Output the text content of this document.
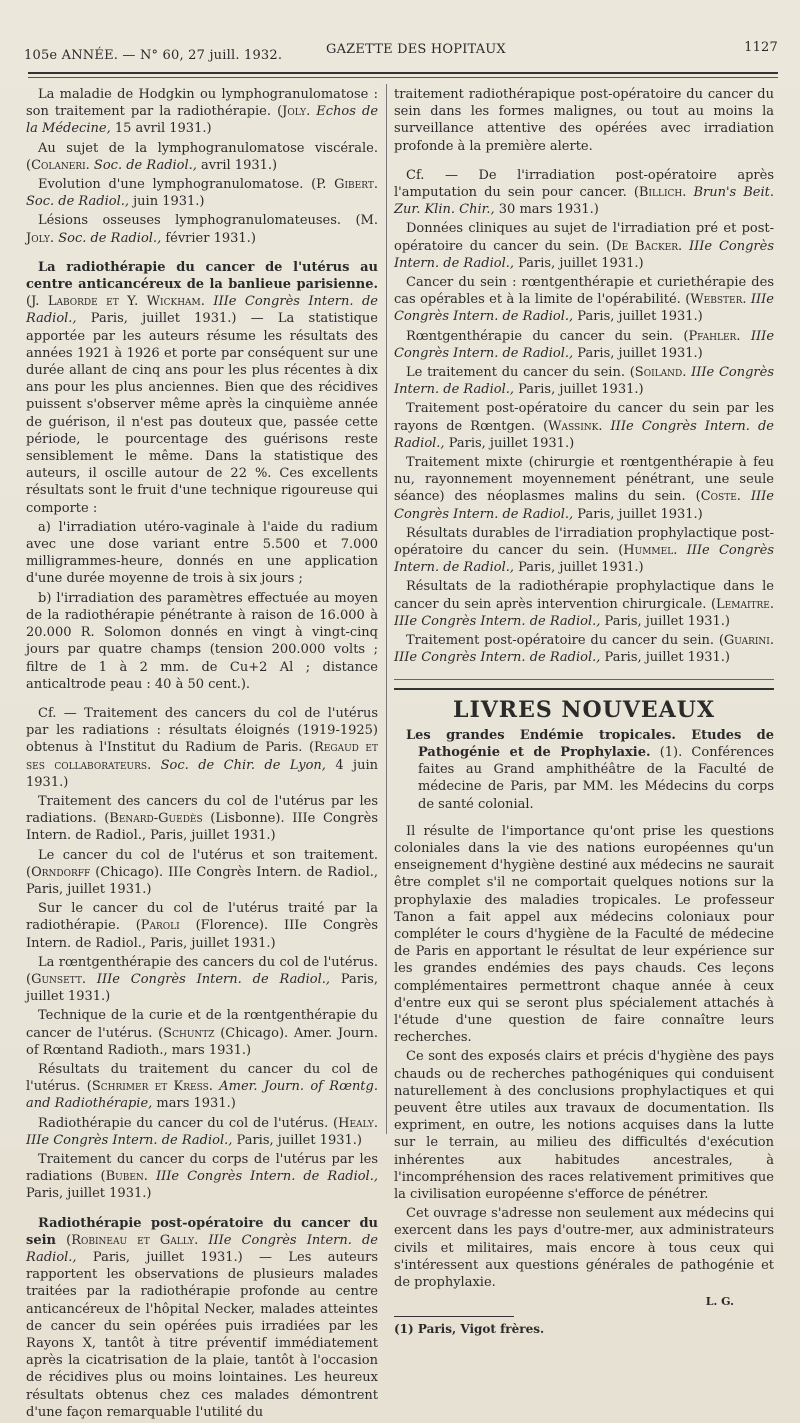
105e ANNÉE. — N° 60, 27 juill. 1932.	GAZETTE DES HOPITAUX	1127

La maladie de Hodgkin ou lymphogranulomatose : son traitement par la radiothérapie. (Joly. Echos de la Médecine, 15 avril 1931.)

Au sujet de la lymphogranulomatose viscérale. (Colaneri. Soc. de Radiol., avril 1931.)

Evolution d'une lymphogranulomatose. (P. Gibert. Soc. de Radiol., juin 1931.)

Lésions osseuses lymphogranulomateuses. (M. Joly. Soc. de Radiol., février 1931.)

La radiothérapie du cancer de l'utérus au centre anticancéreux de la banlieue parisienne. (J. Laborde et Y. Wickham. IIIe Congrès Intern. de Radiol., Paris, juillet 1931.) — La statistique apportée par les auteurs résume les résultats des années 1921 à 1926 et porte par conséquent sur une durée allant de cinq ans pour les plus récentes à dix ans pour les plus anciennes. Bien que des récidives puissent s'observer même après la cinquième année de guérison, il n'est pas douteux que, passée cette période, le pourcentage des guérisons reste sensiblement le même. Dans la statistique des auteurs, il oscille autour de 22 %. Ces excellents résultats sont le fruit d'une technique rigoureuse qui comporte :

a) l'irradiation utéro-vaginale à l'aide du radium avec une dose variant entre 5.500 et 7.000 milligrammes-heure, donnés en une application d'une durée moyenne de trois à six jours ;

b) l'irradiation des paramètres effectuée au moyen de la radiothérapie pénétrante à raison de 16.000 à 20.000 R. Solomon donnés en vingt à vingt-cinq jours par quatre champs (tension 200.000 volts ; filtre de 1 à 2 mm. de Cu+2 Al ; distance anticaltrode peau : 40 à 50 cent.).

Cf. — Traitement des cancers du col de l'utérus par les radiations : résultats éloignés (1919-1925) obtenus à l'Institut du Radium de Paris. (Regaud et ses collaborateurs. Soc. de Chir. de Lyon, 4 juin 1931.)

Traitement des cancers du col de l'utérus par les radiations. (Benard-Guedès (Lisbonne). IIIe Congrès Intern. de Radiol., Paris, juillet 1931.)

Le cancer du col de l'utérus et son traitement. (Orndorff (Chicago). IIIe Congrès Intern. de Radiol., Paris, juillet 1931.)

Sur le cancer du col de l'utérus traité par la radiothérapie. (Paroli (Florence). IIIe Congrès Intern. de Radiol., Paris, juillet 1931.)

La rœntgenthérapie des cancers du col de l'utérus. (Gunsett. IIIe Congrès Intern. de Radiol., Paris, juillet 1931.)

Technique de la curie et de la rœntgenthérapie du cancer de l'utérus. (Schuntz (Chicago). Amer. Journ. of Rœntand Radioth., mars 1931.)

Résultats du traitement du cancer du col de l'utérus. (Schrimer et Kress. Amer. Journ. of Rœntg. and Radiothérapie, mars 1931.)

Radiothérapie du cancer du col de l'utérus. (Healy. IIIe Congrès Intern. de Radiol., Paris, juillet 1931.)

Traitement du cancer du corps de l'utérus par les radiations (Buben. IIIe Congrès Intern. de Radiol., Paris, juillet 1931.)

Radiothérapie post-opératoire du cancer du sein (Robineau et Gally. IIIe Congrès Intern. de Radiol., Paris, juillet 1931.) — Les auteurs rapportent les observations de plusieurs malades traitées par la radiothérapie profonde au centre anticancéreux de l'hôpital Necker, malades atteintes de cancer du sein opérées puis irradiées par les Rayons X, tantôt à titre préventif immédiatement après la cicatrisation de la plaie, tantôt à l'occasion de récidives plus ou moins lointaines. Les heureux résultats obtenus chez ces malades démontrent d'une façon remarquable l'utilité du

traitement radiothérapique post-opératoire du cancer du sein dans les formes malignes, ou tout au moins la surveillance attentive des opérées avec irradiation profonde à la première alerte.

Cf. — De l'irradiation post-opératoire après l'amputation du sein pour cancer. (Billich. Brun's Beit. Zur. Klin. Chir., 30 mars 1931.)

Données cliniques au sujet de l'irradiation pré et post-opératoire du cancer du sein. (De Backer. IIIe Congrès Intern. de Radiol., Paris, juillet 1931.)

Cancer du sein : rœntgenthérapie et curiethérapie des cas opérables et à la limite de l'opérabilité. (Webster. IIIe Congrès Intern. de Radiol., Paris, juillet 1931.)

Rœntgenthérapie du cancer du sein. (Pfahler. IIIe Congrès Intern. de Radiol., Paris, juillet 1931.)

Le traitement du cancer du sein. (Soiland. IIIe Congrès Intern. de Radiol., Paris, juillet 1931.)

Traitement post-opératoire du cancer du sein par les rayons de Rœntgen. (Wassink. IIIe Congrès Intern. de Radiol., Paris, juillet 1931.)

Traitement mixte (chirurgie et rœntgenthérapie à feu nu, rayonnement moyennement pénétrant, une seule séance) des néoplasmes malins du sein. (Coste. IIIe Congrès Intern. de Radiol., Paris, juillet 1931.)

Résultats durables de l'irradiation prophylactique post-opératoire du cancer du sein. (Hummel. IIIe Congrès Intern. de Radiol., Paris, juillet 1931.)

Résultats de la radiothérapie prophylactique dans le cancer du sein après intervention chirurgicale. (Lemaitre. IIIe Congrès Intern. de Radiol., Paris, juillet 1931.)

Traitement post-opératoire du cancer du sein. (Guarini. IIIe Congrès Intern. de Radiol., Paris, juillet 1931.)

LIVRES NOUVEAUX

Les grandes Endémie tropicales. Etudes de Pathogénie et de Prophylaxie. (1). Conférences faites au Grand amphithéâtre de la Faculté de médecine de Paris, par MM. les Médecins du corps de santé colonial.

Il résulte de l'importance qu'ont prise les questions coloniales dans la vie des nations européennes qu'un enseignement d'hygiène destiné aux médecins ne saurait être complet s'il ne comportait quelques notions sur la prophylaxie des maladies tropicales. Le professeur Tanon a fait appel aux médecins coloniaux pour compléter le cours d'hygiène de la Faculté de médecine de Paris en apportant le résultat de leur expérience sur les grandes endémies des pays chauds. Ces leçons complémentaires permettront chaque année à ceux d'entre eux qui se seront plus spécialement attachés à l'étude d'une question de faire connaître leurs recherches.

Ce sont des exposés clairs et précis d'hygiène des pays chauds ou de recherches pathogéniques qui conduisent naturellement à des conclusions prophylactiques et qui peuvent être utiles aux travaux de documentation. Ils expriment, en outre, les notions acquises dans la lutte sur le terrain, au milieu des difficultés d'exécution inhérentes aux habitudes ancestrales, à l'incompréhension des races relativement primitives que la civilisation européenne s'efforce de pénétrer.

Cet ouvrage s'adresse non seulement aux médecins qui exercent dans les pays d'outre-mer, aux administrateurs civils et militaires, mais encore à tous ceux qui s'intéressent aux questions générales de pathogénie et de prophylaxie.

L. G.

(1) Paris, Vigot frères.
